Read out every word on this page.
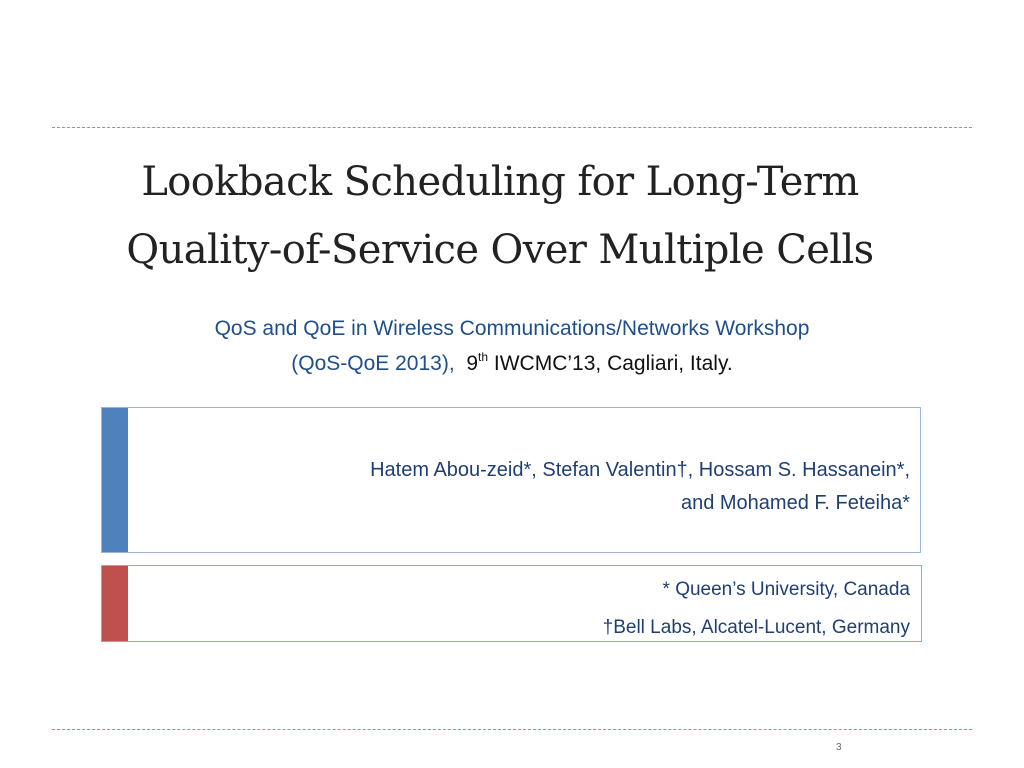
Lookback Scheduling for Long-Term
Quality-of-Service Over Multiple Cells
QoS and QoE in Wireless Communications/Networks Workshop
(QoS-QoE 2013), 9th IWCMC’13, Cagliari, Italy.
Hatem Abou-zeid*, Stefan Valentin†, Hossam S. Hassanein*,
and Mohamed F. Feteiha*
* Queen’s University, Canada
†Bell Labs, Alcatel-Lucent, Germany
3
